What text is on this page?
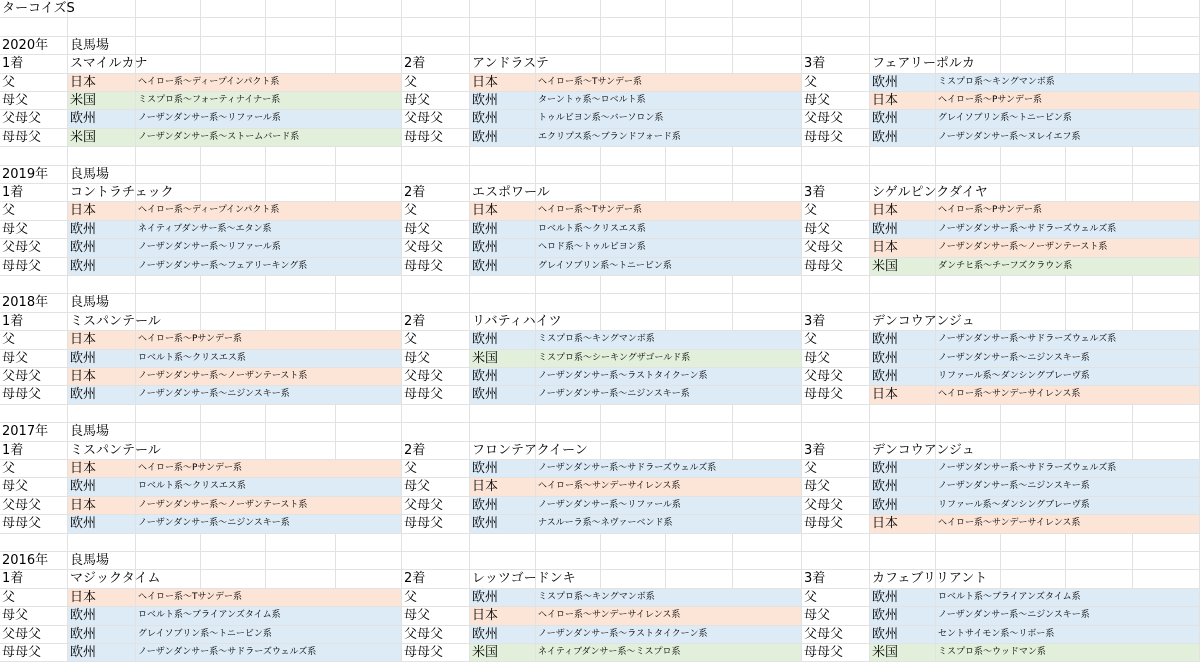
ターコイズS
2020年	良馬場
1着	スマイルカナ
父	日本	ヘイロー系～ディープインパクト系
母父	米国	ミスプロ系～フォーティナイナー系
父母父	欧州	ノーザンダンサー系～リファール系
母母父	米国	ノーザンダンサー系～ストームバード系
2着	アンドラステ
父	日本	ヘイロー系～Tサンデー系
母父	欧州	ターントゥ系～ロベルト系
父母父	欧州	トゥルビヨン系～バーソロン系
母母父	欧州	エクリプス系～ブランドフォード系
3着	フェアリーポルカ
父	欧州	ミスプロ系～キングマンボ系
母父	日本	ヘイロー系～Pサンデー系
父母父	欧州	グレイソブリン系～トニービン系
母母父	欧州	ノーザンダンサー系～ヌレイエフ系
2019年	良馬場
1着	コントラチェック
父	日本	ヘイロー系～ディープインパクト系
母父	欧州	ネイティブダンサー系～エタン系
父母父	欧州	ノーザンダンサー系～リファール系
母母父	欧州	ノーザンダンサー系～フェアリーキング系
2着	エスポワール
父	日本	ヘイロー系～Tサンデー系
母父	欧州	ロベルト系～クリスエス系
父母父	欧州	ヘロド系～トゥルビヨン系
母母父	欧州	グレイソブリン系～トニービン系
3着	シゲルピンクダイヤ
父	日本	ヘイロー系～Pサンデー系
母父	欧州	ノーザンダンサー系～サドラーズウェルズ系
父母父	日本	ノーザンダンサー系～ノーザンテースト系
母母父	米国	ダンチヒ系～チーフズクラウン系
2018年	良馬場
1着	ミスパンテール
父	日本	ヘイロー系～Pサンデー系
母父	欧州	ロベルト系～クリスエス系
父母父	日本	ノーザンダンサー系～ノーザンテースト系
母母父	欧州	ノーザンダンサー系～ニジンスキー系
2着	リバティハイツ
父	欧州	ミスプロ系～キングマンボ系
母父	米国	ミスプロ系～シーキングザゴールド系
父母父	欧州	ノーザンダンサー系～ラストタイクーン系
母母父	欧州	ノーザンダンサー系～ニジンスキー系
3着	デンコウアンジュ
父	欧州	ノーザンダンサー系～サドラーズウェルズ系
母父	欧州	ノーザンダンサー系～ニジンスキー系
父母父	欧州	リファール系～ダンシングブレーヴ系
母母父	日本	ヘイロー系～サンデーサイレンス系
2017年	良馬場
1着	ミスパンテール
父	日本	ヘイロー系～Pサンデー系
母父	欧州	ロベルト系～クリスエス系
父母父	日本	ノーザンダンサー系～ノーザンテースト系
母母父	欧州	ノーザンダンサー系～ニジンスキー系
2着	フロンテアクイーン
父	欧州	ノーザンダンサー系～サドラーズウェルズ系
母父	日本	ヘイロー系～サンデーサイレンス系
父母父	欧州	ノーザンダンサー系～リファール系
母母父	欧州	ナスルーラ系～ネヴァーベンド系
3着	デンコウアンジュ
父	欧州	ノーザンダンサー系～サドラーズウェルズ系
母父	欧州	ノーザンダンサー系～ニジンスキー系
父母父	欧州	リファール系～ダンシングブレーヴ系
母母父	日本	ヘイロー系～サンデーサイレンス系
2016年	良馬場
1着	マジックタイム
父	日本	ヘイロー系～Tサンデー系
母父	欧州	ロベルト系～ブライアンズタイム系
父母父	欧州	グレイソブリン系～トニービン系
母母父	欧州	ノーザンダンサー系～サドラーズウェルズ系
2着	レッツゴードンキ
父	欧州	ミスプロ系～キングマンボ系
母父	日本	ヘイロー系～サンデーサイレンス系
父母父	欧州	ノーザンダンサー系～ラストタイクーン系
母母父	米国	ネイティブダンサー系～ミスプロ系
3着	カフェブリリアント
父	欧州	ロベルト系～ブライアンズタイム系
母父	欧州	ノーザンダンサー系～ニジンスキー系
父母父	欧州	セントサイモン系～リボー系
母母父	米国	ミスプロ系～ウッドマン系
